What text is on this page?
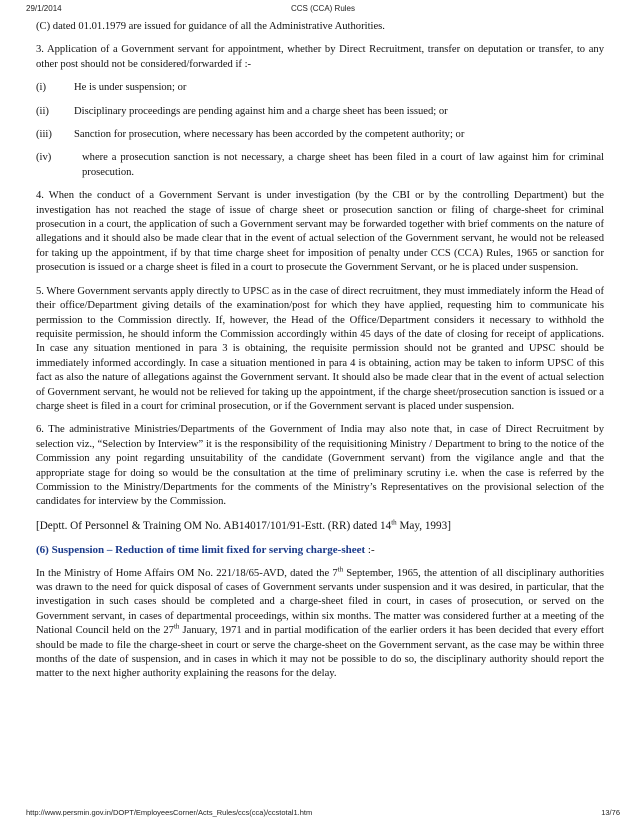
29/1/2014	CCS (CCA) Rules

(C) dated 01.01.1979 are issued for guidance of all the Administrative Authorities.

3. Application of a Government servant for appointment, whether by Direct Recruitment, transfer on deputation or transfer, to any other post should not be considered/forwarded if :-

(i)	He is under suspension; or
(ii)	Disciplinary proceedings are pending against him and a charge sheet has been issued; or
(iii)	Sanction for prosecution, where necessary has been accorded by the competent authority; or
(iv)	where a prosecution sanction is not necessary, a charge sheet has been filed in a court of law against him for criminal prosecution.

4. When the conduct of a Government Servant is under investigation (by the CBI or by the controlling Department) but the investigation has not reached the stage of issue of charge sheet or prosecution sanction or filing of charge-sheet for criminal prosecution in a court, the application of such a Government servant may be forwarded together with brief comments on the nature of allegations and it should also be made clear that in the event of actual selection of the Government servant, he would not be released for taking up the appointment, if by that time charge sheet for imposition of penalty under CCS (CCA) Rules, 1965 or sanction for prosecution is issued or a charge sheet is filed in a court to prosecute the Government Servant, or he is placed under suspension.

5. Where Government servants apply directly to UPSC as in the case of direct recruitment, they must immediately inform the Head of their office/Department giving details of the examination/post for which they have applied, requesting him to communicate his permission to the Commission directly. If, however, the Head of the Office/Department considers it necessary to withhold the requisite permission, he should inform the Commission accordingly within 45 days of the date of closing for receipt of applications. In case any situation mentioned in para 3 is obtaining, the requisite permission should not be granted and UPSC should be immediately informed accordingly. In case a situation mentioned in para 4 is obtaining, action may be taken to inform UPSC of this fact as also the nature of allegations against the Government servant. It should also be made clear that in the event of actual selection of Government servant, he would not be relieved for taking up the appointment, if the charge sheet/prosecution sanction is issued or a charge sheet is filed in a court for criminal prosecution, or if the Government servant is placed under suspension.

6. The administrative Ministries/Departments of the Government of India may also note that, in case of Direct Recruitment by selection viz., “Selection by Interview” it is the responsibility of the requisitioning Ministry / Department to bring to the notice of the Commission any point regarding unsuitability of the candidate (Government servant) from the vigilance angle and that the appropriate stage for doing so would be the consultation at the time of preliminary scrutiny i.e. when the case is referred by the Commission to the Ministry/Departments for the comments of the Ministry’s Representatives on the provisional selection of the candidates for interview by the Commission.

[Deptt. Of Personnel & Training OM No. AB14017/101/91-Estt. (RR) dated 14th May, 1993]

(6) Suspension – Reduction of time limit fixed for serving charge-sheet :-

In the Ministry of Home Affairs OM No. 221/18/65-AVD, dated the 7th September, 1965, the attention of all disciplinary authorities was drawn to the need for quick disposal of cases of Government servants under suspension and it was desired, in particular, that the investigation in such cases should be completed and a charge-sheet filed in court, in cases of prosecution, or served on the Government servant, in cases of departmental proceedings, within six months. The matter was considered further at a meeting of the National Council held on the 27th January, 1971 and in partial modification of the earlier orders it has been decided that every effort should be made to file the charge-sheet in court or serve the charge-sheet on the Government servant, as the case may be within three months of the date of suspension, and in cases in which it may not be possible to do so, the disciplinary authority should report the matter to the next higher authority explaining the reasons for the delay.

http://www.persmin.gov.in/DOPT/EmployeesCorner/Acts_Rules/ccs(cca)/ccstotal1.htm	13/76
